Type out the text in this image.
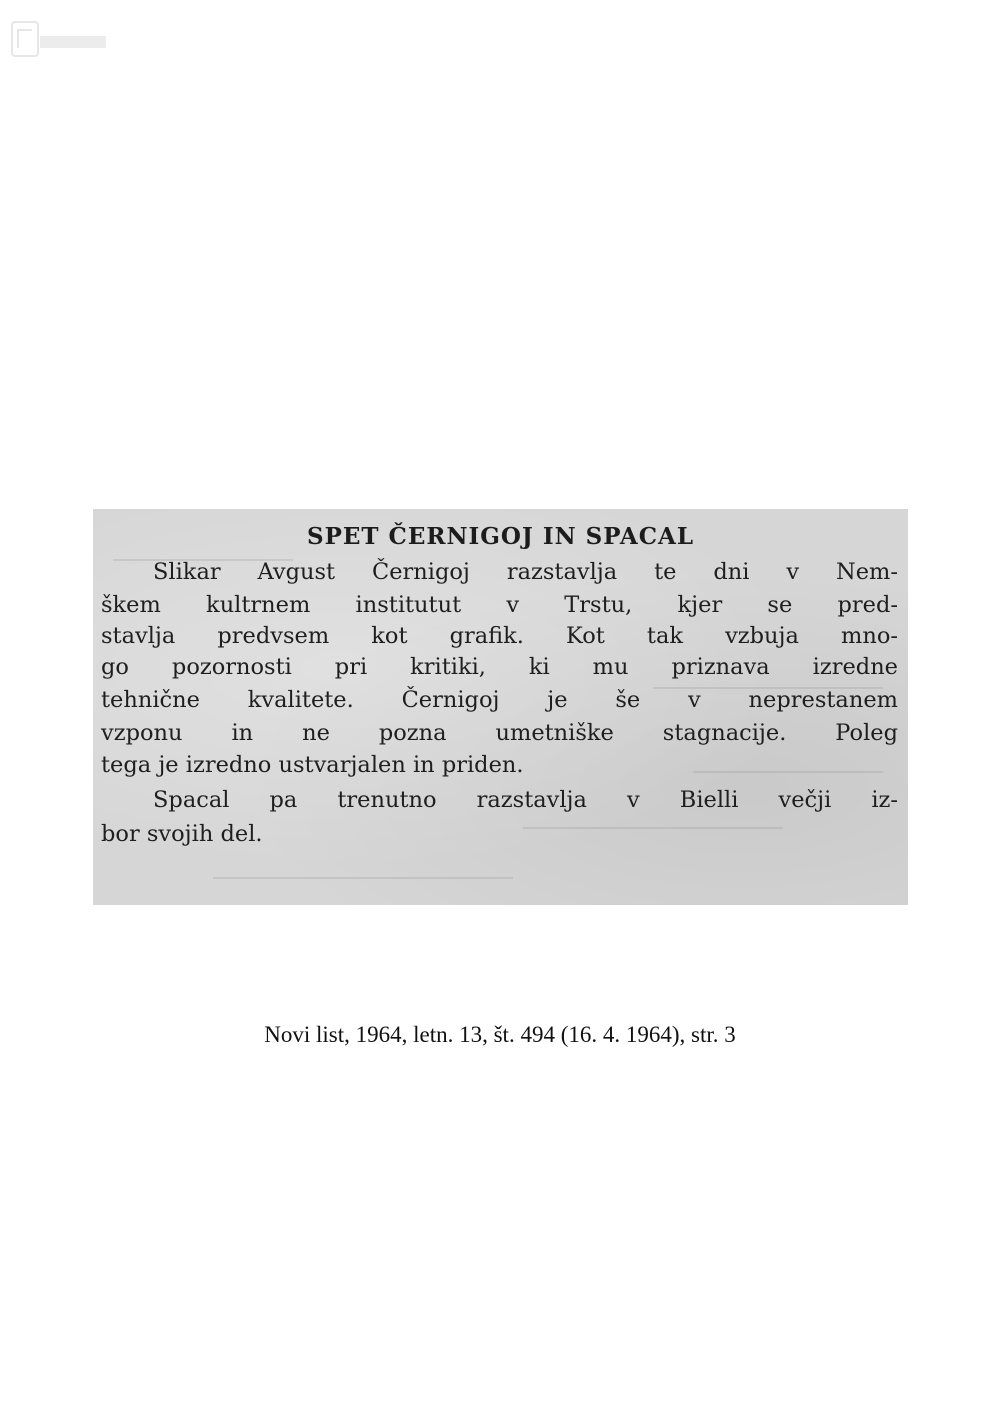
SPET ČERNIGOJ IN SPACAL
Slikar Avgust Černigoj razstavlja te dni v Nem-
škem kultrnem institutut v Trstu, kjer se pred-
stavlja predvsem kot grafik. Kot tak vzbuja mno-
go pozornosti pri kritiki, ki mu priznava izredne
tehnične kvalitete. Černigoj je še v neprestanem
vzponu in ne pozna umetniške stagnacije. Poleg
tega je izredno ustvarjalen in priden.
Spacal pa trenutno razstavlja v Bielli večji iz-
bor svojih del.
Novi list, 1964, letn. 13, št. 494 (16. 4. 1964), str. 3
